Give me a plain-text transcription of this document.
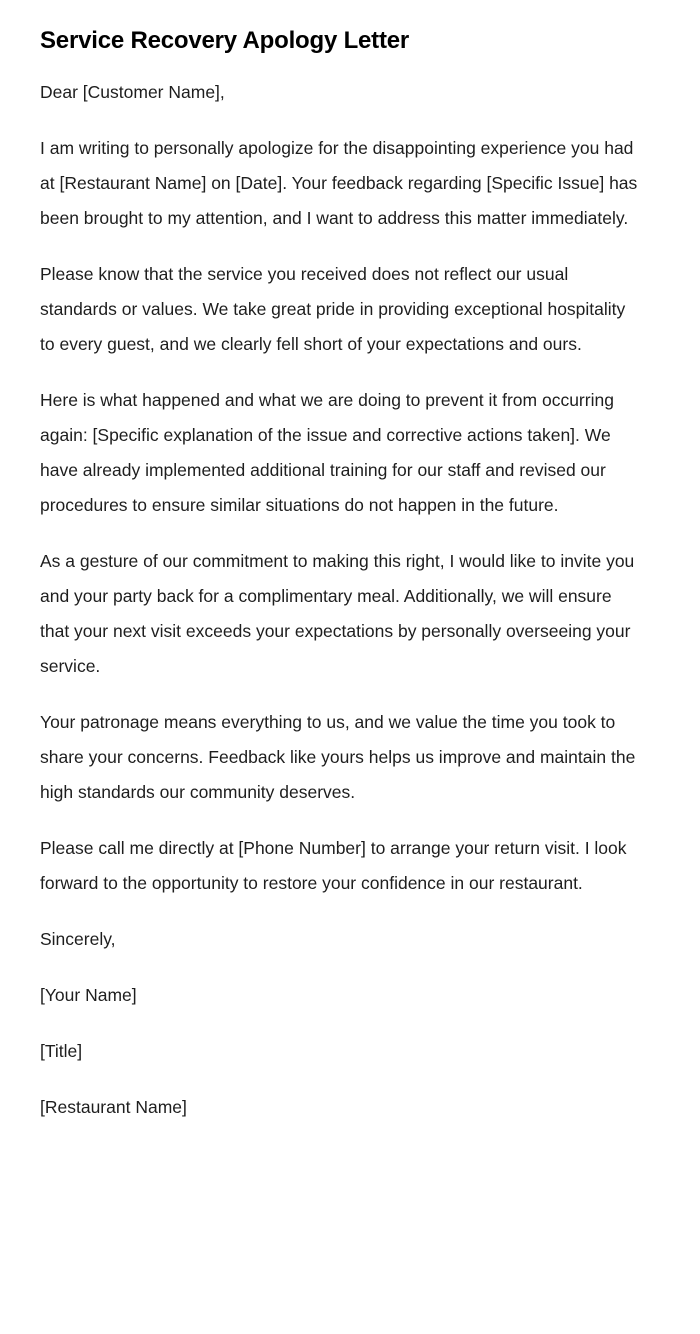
Service Recovery Apology Letter

Dear [Customer Name],

I am writing to personally apologize for the disappointing experience you had at [Restaurant Name] on [Date]. Your feedback regarding [Specific Issue] has been brought to my attention, and I want to address this matter immediately.

Please know that the service you received does not reflect our usual standards or values. We take great pride in providing exceptional hospitality to every guest, and we clearly fell short of your expectations and ours.

Here is what happened and what we are doing to prevent it from occurring again: [Specific explanation of the issue and corrective actions taken]. We have already implemented additional training for our staff and revised our procedures to ensure similar situations do not happen in the future.

As a gesture of our commitment to making this right, I would like to invite you and your party back for a complimentary meal. Additionally, we will ensure that your next visit exceeds your expectations by personally overseeing your service.

Your patronage means everything to us, and we value the time you took to share your concerns. Feedback like yours helps us improve and maintain the high standards our community deserves.

Please call me directly at [Phone Number] to arrange your return visit. I look forward to the opportunity to restore your confidence in our restaurant.

Sincerely,

[Your Name]

[Title]

[Restaurant Name]
